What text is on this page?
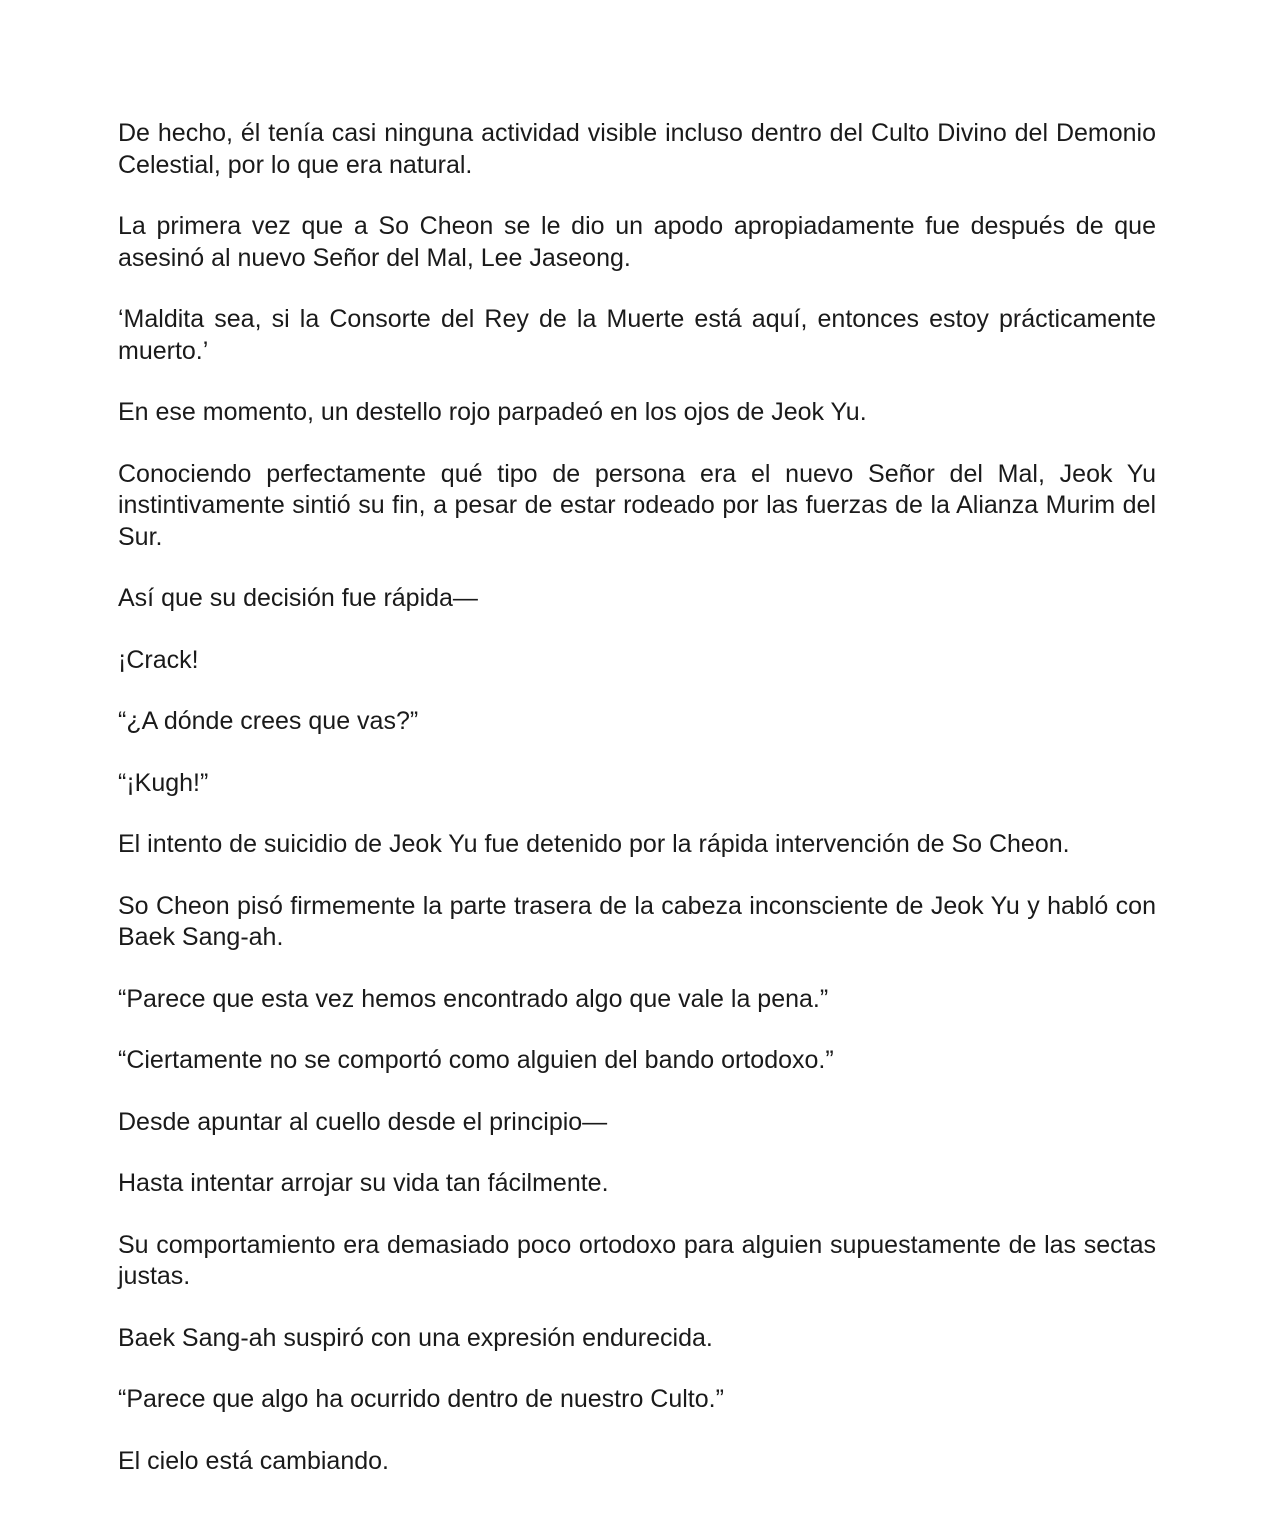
De hecho, él tenía casi ninguna actividad visible incluso dentro del Culto Divino del Demonio Celestial, por lo que era natural.

La primera vez que a So Cheon se le dio un apodo apropiadamente fue después de que asesinó al nuevo Señor del Mal, Lee Jaseong.

‘Maldita sea, si la Consorte del Rey de la Muerte está aquí, entonces estoy prácticamente muerto.’

En ese momento, un destello rojo parpadeó en los ojos de Jeok Yu.

Conociendo perfectamente qué tipo de persona era el nuevo Señor del Mal, Jeok Yu instintivamente sintió su fin, a pesar de estar rodeado por las fuerzas de la Alianza Murim del Sur.

Así que su decisión fue rápida—

¡Crack!

“¿A dónde crees que vas?”

“¡Kugh!”

El intento de suicidio de Jeok Yu fue detenido por la rápida intervención de So Cheon.

So Cheon pisó firmemente la parte trasera de la cabeza inconsciente de Jeok Yu y habló con Baek Sang-ah.

“Parece que esta vez hemos encontrado algo que vale la pena.”

“Ciertamente no se comportó como alguien del bando ortodoxo.”

Desde apuntar al cuello desde el principio—

Hasta intentar arrojar su vida tan fácilmente.

Su comportamiento era demasiado poco ortodoxo para alguien supuestamente de las sectas justas.

Baek Sang-ah suspiró con una expresión endurecida.

“Parece que algo ha ocurrido dentro de nuestro Culto.”

El cielo está cambiando.
